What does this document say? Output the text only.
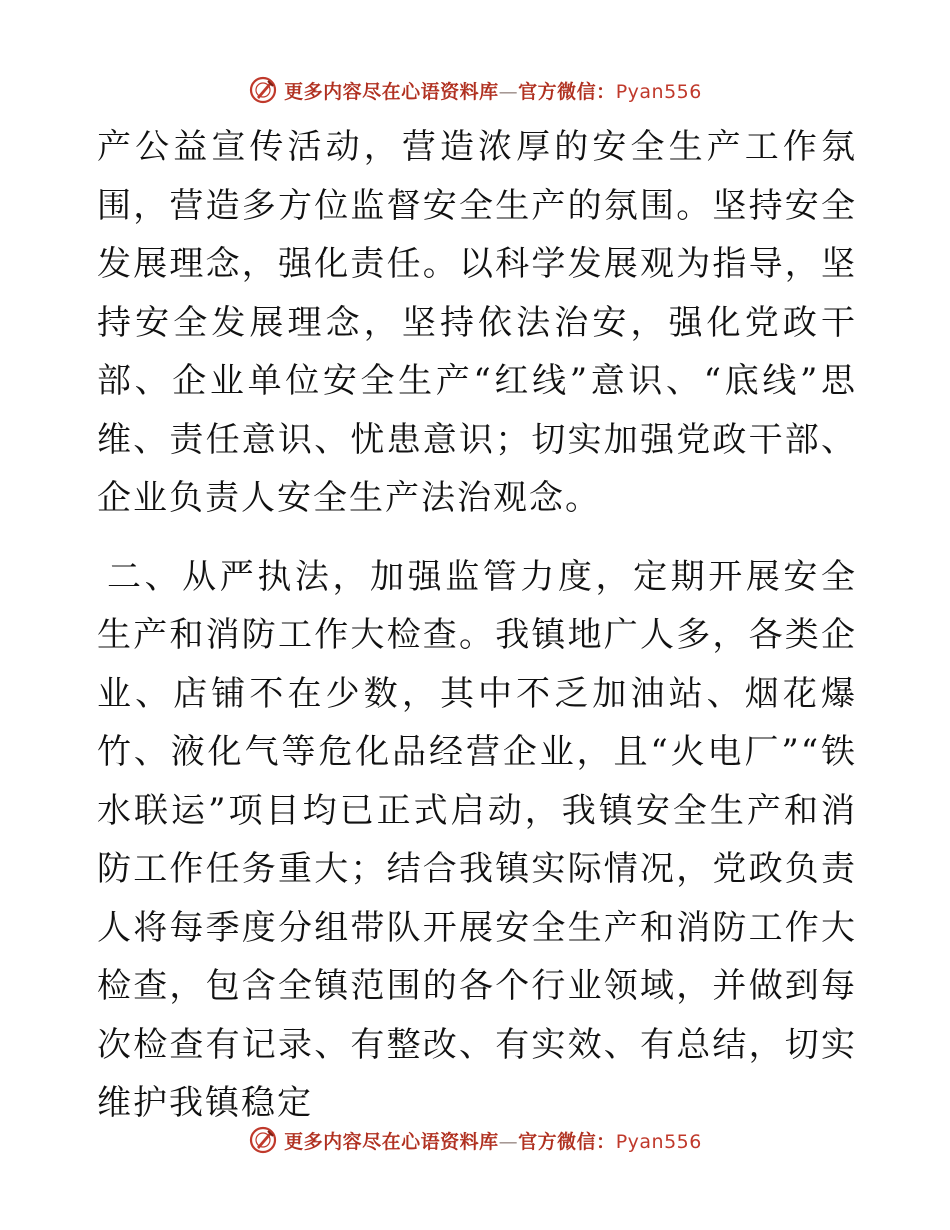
更多内容尽在心语资料库—官方微信：Pyan556

产公益宣传活动，营造浓厚的安全生产工作氛围，营造多方位监督安全生产的氛围。坚持安全发展理念，强化责任。以科学发展观为指导，坚持安全发展理念，坚持依法治安，强化党政干部、企业单位安全生产“红线”意识、“底线”思维、责任意识、忧患意识；切实加强党政干部、企业负责人安全生产法治观念。

二、从严执法，加强监管力度，定期开展安全生产和消防工作大检查。我镇地广人多，各类企业、店铺不在少数，其中不乏加油站、烟花爆竹、液化气等危化品经营企业，且“火电厂”“铁水联运”项目均已正式启动，我镇安全生产和消防工作任务重大；结合我镇实际情况，党政负责人将每季度分组带队开展安全生产和消防工作大检查，包含全镇范围的各个行业领域，并做到每次检查有记录、有整改、有实效、有总结，切实维护我镇稳定

更多内容尽在心语资料库—官方微信：Pyan556
